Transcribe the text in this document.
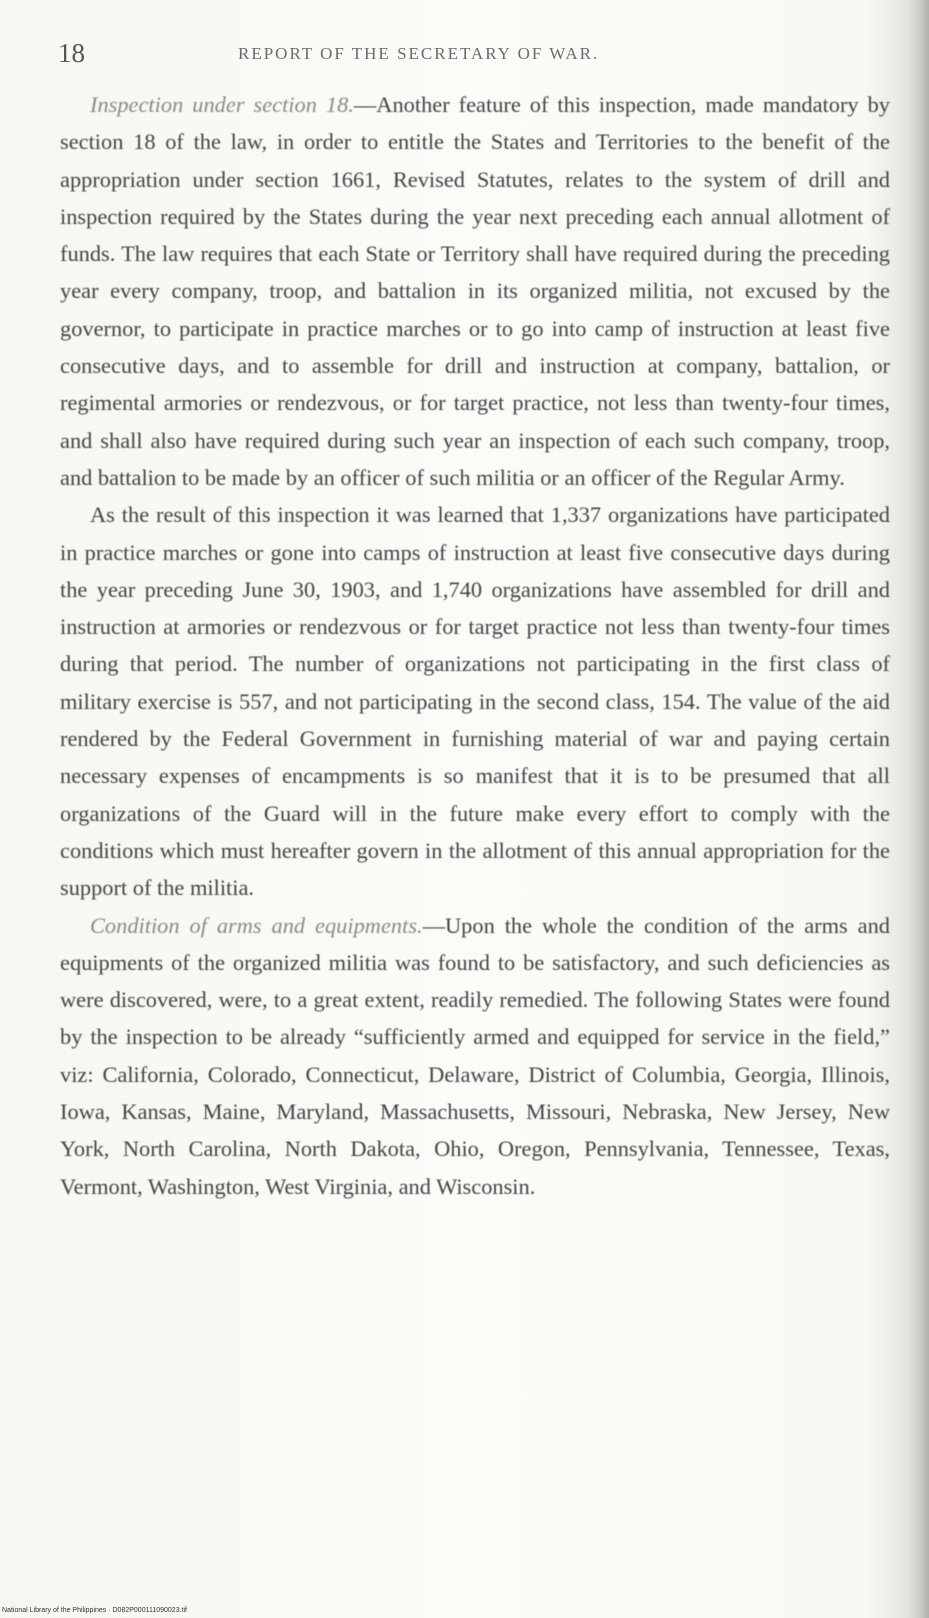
18	REPORT OF THE SECRETARY OF WAR.

Inspection under section 18.—Another feature of this inspection, made mandatory by section 18 of the law, in order to entitle the States and Territories to the benefit of the appropriation under section 1661, Revised Statutes, relates to the system of drill and inspection required by the States during the year next preceding each annual allotment of funds. The law requires that each State or Territory shall have required during the preceding year every company, troop, and battalion in its organized militia, not excused by the governor, to participate in practice marches or to go into camp of instruction at least five consecutive days, and to assemble for drill and instruction at company, battalion, or regimental armories or rendezvous, or for target practice, not less than twenty-four times, and shall also have required during such year an inspection of each such company, troop, and battalion to be made by an officer of such militia or an officer of the Regular Army.

As the result of this inspection it was learned that 1,337 organizations have participated in practice marches or gone into camps of instruction at least five consecutive days during the year preceding June 30, 1903, and 1,740 organizations have assembled for drill and instruction at armories or rendezvous or for target practice not less than twenty-four times during that period. The number of organizations not participating in the first class of military exercise is 557, and not participating in the second class, 154. The value of the aid rendered by the Federal Government in furnishing material of war and paying certain necessary expenses of encampments is so manifest that it is to be presumed that all organizations of the Guard will in the future make every effort to comply with the conditions which must hereafter govern in the allotment of this annual appropriation for the support of the militia.

Condition of arms and equipments.—Upon the whole the condition of the arms and equipments of the organized militia was found to be satisfactory, and such deficiencies as were discovered, were, to a great extent, readily remedied. The following States were found by the inspection to be already “sufficiently armed and equipped for service in the field,” viz: California, Colorado, Connecticut, Delaware, District of Columbia, Georgia, Illinois, Iowa, Kansas, Maine, Maryland, Massachusetts, Missouri, Nebraska, New Jersey, New York, North Carolina, North Dakota, Ohio, Oregon, Pennsylvania, Tennessee, Texas, Vermont, Washington, West Virginia, and Wisconsin.

National Library of the Philippines · D082P000111090023.tif
